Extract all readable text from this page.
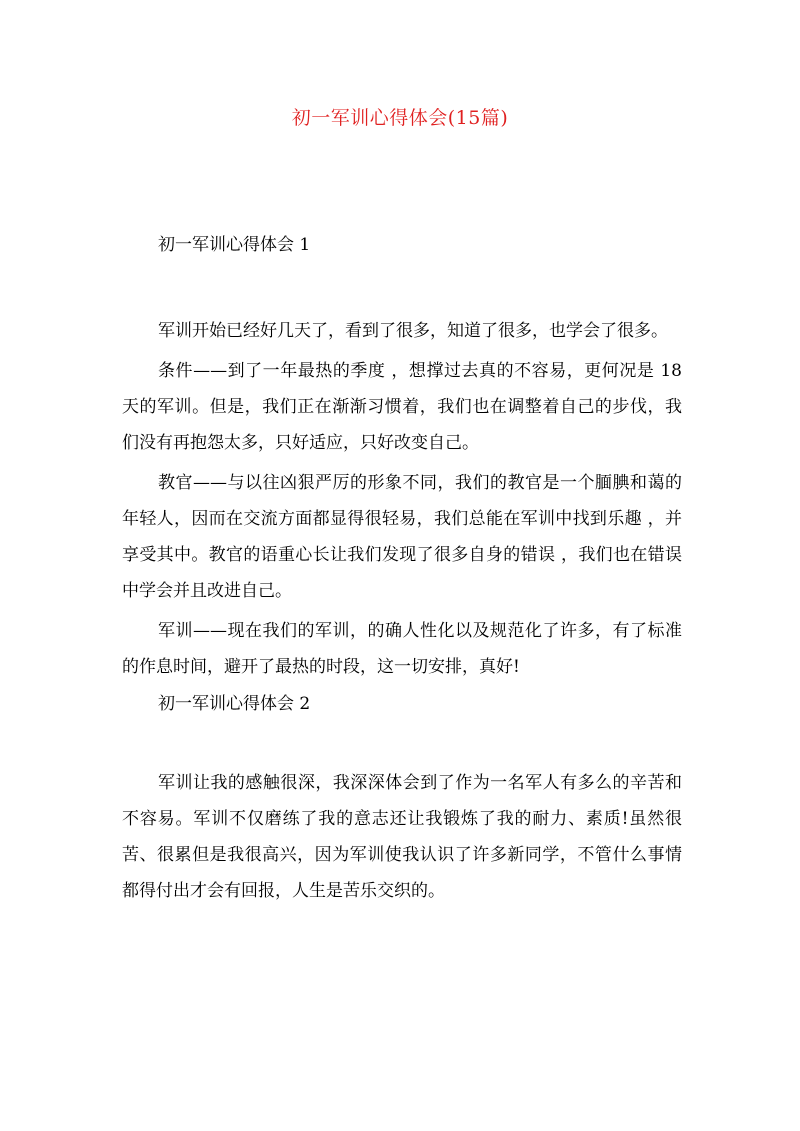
初一军训心得体会(15篇)

初一军训心得体会 1

军训开始已经好几天了，看到了很多，知道了很多，也学会了很多。

条件——到了一年最热的季度 ，想撑过去真的不容易，更何况是 18 天的军训。但是，我们正在渐渐习惯着，我们也在调整着自己的步伐，我们没有再抱怨太多，只好适应，只好改变自己。

教官——与以往凶狠严厉的形象不同，我们的教官是一个腼腆和蔼的年轻人，因而在交流方面都显得很轻易，我们总能在军训中找到乐趣 ，并享受其中。教官的语重心长让我们发现了很多自身的错误 ，我们也在错误中学会并且改进自己。

军训——现在我们的军训，的确人性化以及规范化了许多，有了标准的作息时间，避开了最热的时段，这一切安排，真好!

初一军训心得体会 2

军训让我的感触很深，我深深体会到了作为一名军人有多么的辛苦和不容易。军训不仅磨练了我的意志还让我锻炼了我的耐力、素质!虽然很苦、很累但是我很高兴，因为军训使我认识了许多新同学，不管什么事情都得付出才会有回报，人生是苦乐交织的。
